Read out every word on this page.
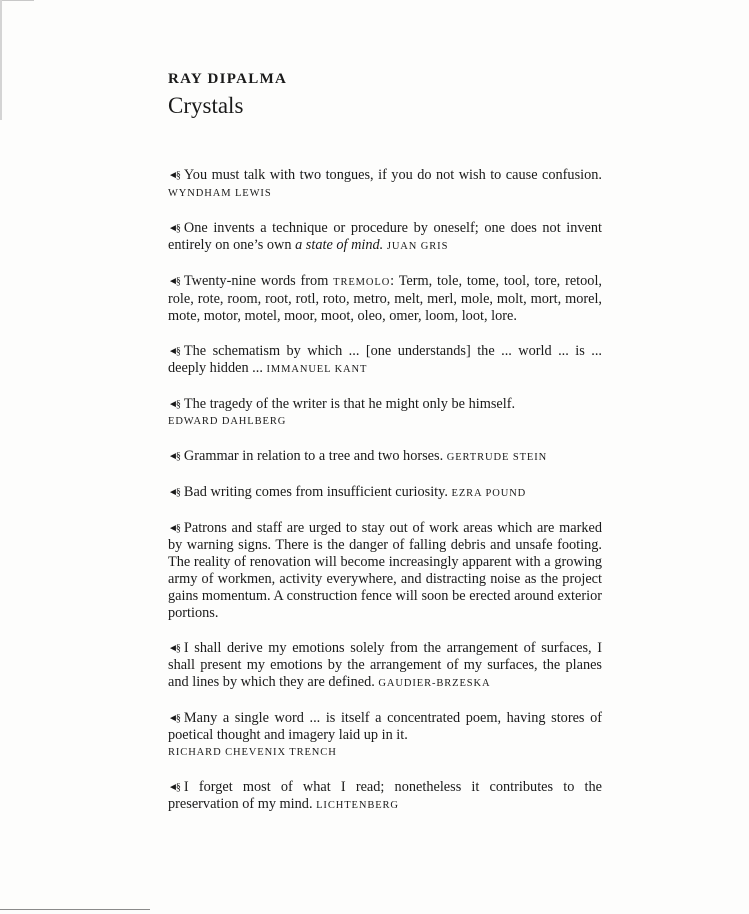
RAY DIPALMA
Crystals

◄§ You must talk with two tongues, if you do not wish to cause confusion. WYNDHAM LEWIS

◄§ One invents a technique or procedure by oneself; one does not invent entirely on one’s own a state of mind. JUAN GRIS

◄§ Twenty-nine words from TREMOLO: Term, tole, tome, tool, tore, retool, role, rote, room, root, rotl, roto, metro, melt, merl, mole, molt, mort, morel, mote, motor, motel, moor, moot, oleo, omer, loom, loot, lore.

◄§ The schematism by which ... [one understands] the ... world ... is ... deeply hidden ... IMMANUEL KANT

◄§ The tragedy of the writer is that he might only be himself.
EDWARD DAHLBERG

◄§ Grammar in relation to a tree and two horses. GERTRUDE STEIN

◄§ Bad writing comes from insufficient curiosity. EZRA POUND

◄§ Patrons and staff are urged to stay out of work areas which are marked by warning signs. There is the danger of falling debris and unsafe footing. The reality of renovation will become increasingly apparent with a growing army of workmen, activity everywhere, and distracting noise as the project gains momentum. A construction fence will soon be erected around exterior portions.

◄§ I shall derive my emotions solely from the arrangement of surfaces, I shall present my emotions by the arrangement of my surfaces, the planes and lines by which they are defined. GAUDIER-BRZESKA

◄§ Many a single word ... is itself a concentrated poem, having stores of poetical thought and imagery laid up in it.
RICHARD CHEVENIX TRENCH

◄§ I forget most of what I read; nonetheless it contributes to the preservation of my mind. LICHTENBERG
